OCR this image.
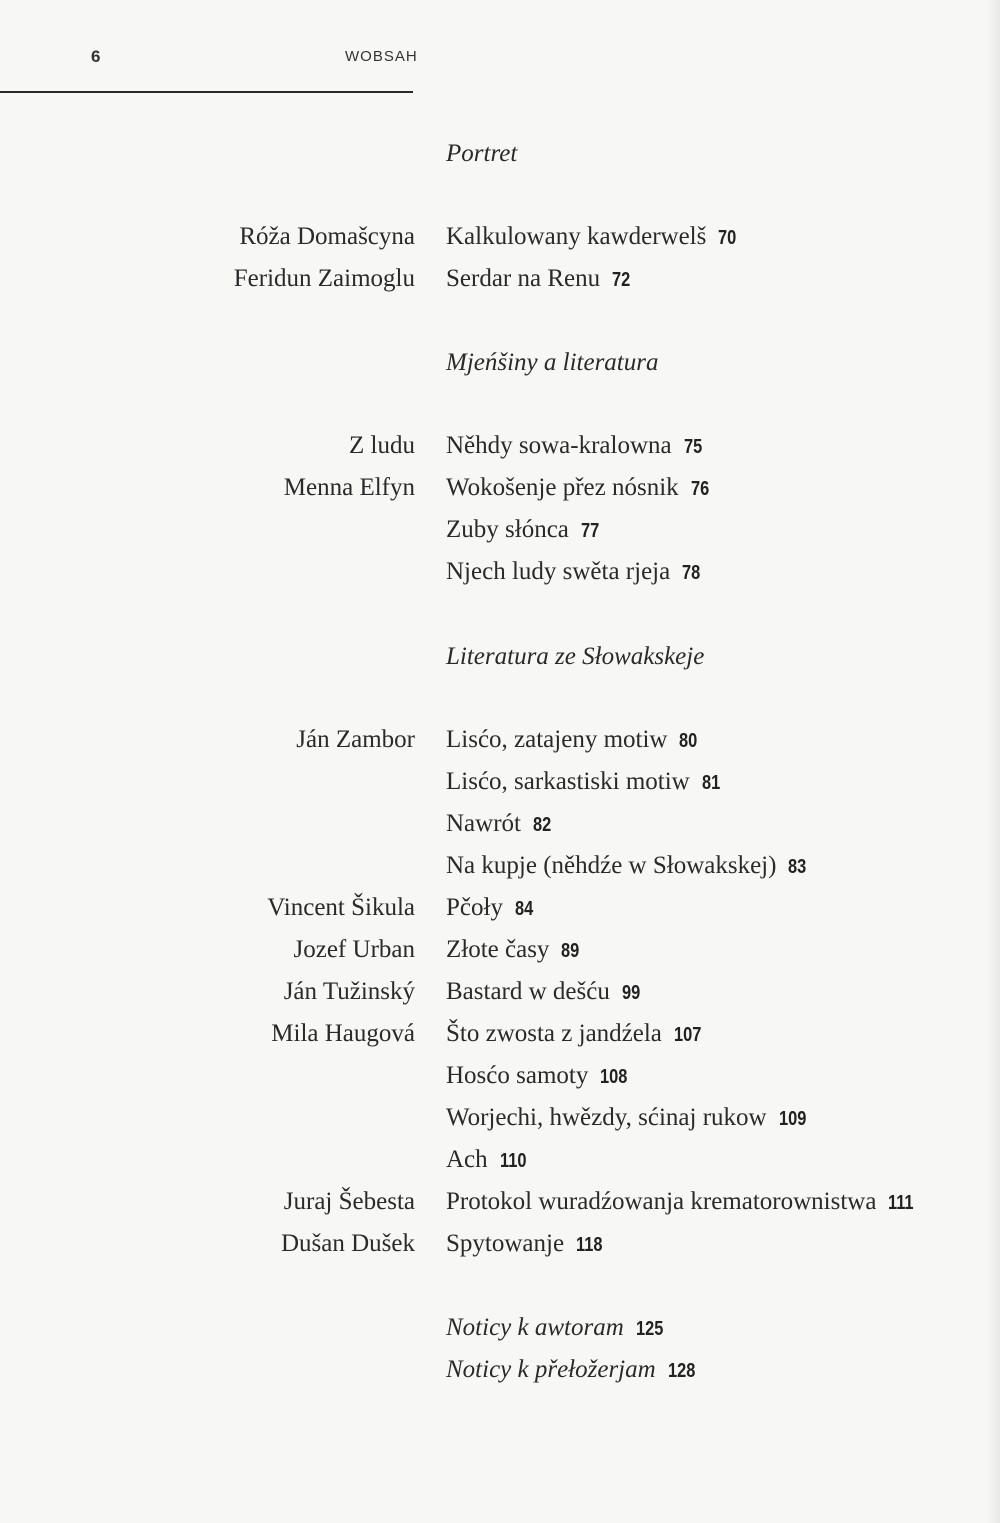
6	WOBSAH
Portret
Róža Domašcyna Kalkulowany kawderwelš 70
Feridun Zaimoglu Serdar na Renu 72
Mjeńšiny a literatura
Z ludu Něhdy sowa-kralowna 75
Menna Elfyn Wokošenje přez nósnik 76
Zuby słónca 77
Njech ludy swěta rjeja 78
Literatura ze Słowakskeje
Ján Zambor Lisćo, zatajeny motiw 80
Lisćo, sarkastiski motiw 81
Nawrót 82
Na kupje (něhdźe w Słowakskej) 83
Vincent Šikula Pčoły 84
Jozef Urban Złote časy 89
Ján Tužinský Bastard w dešću 99
Mila Haugová Što zwosta z jandźela 107
Hosćo samoty 108
Worjechi, hwězdy, sćinaj rukow 109
Ach 110
Juraj Šebesta Protokol wuradźowanja krematorownistwa 111
Dušan Dušek Spytowanje 118
Noticy k awtoram 125
Noticy k přełožerjam 128
